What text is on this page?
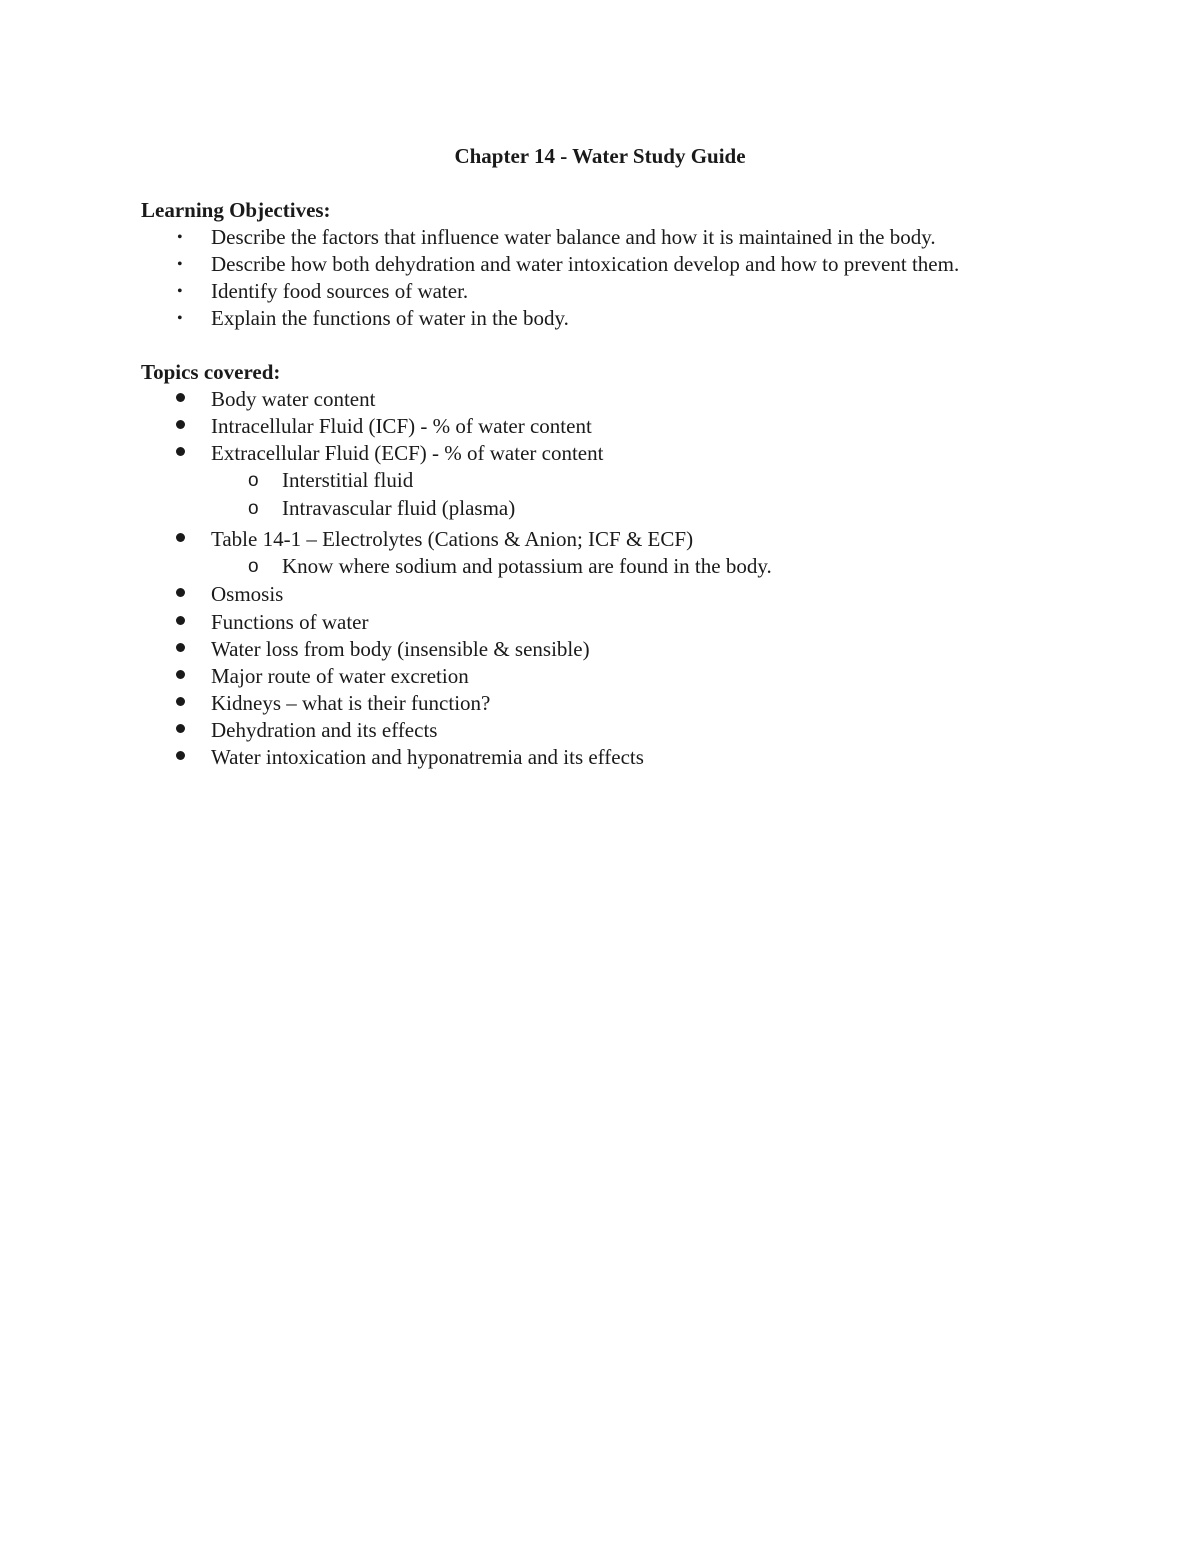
Chapter 14 - Water Study Guide
Learning Objectives:
• Describe the factors that influence water balance and how it is maintained in the body.
• Describe how both dehydration and water intoxication develop and how to prevent them.
• Identify food sources of water.
• Explain the functions of water in the body.
Topics covered:
Body water content
Intracellular Fluid (ICF) - % of water content
Extracellular Fluid (ECF) - % of water content
o Interstitial fluid
o Intravascular fluid (plasma)
Table 14-1 – Electrolytes (Cations & Anion; ICF & ECF)
o Know where sodium and potassium are found in the body.
Osmosis
Functions of water
Water loss from body (insensible & sensible)
Major route of water excretion
Kidneys – what is their function?
Dehydration and its effects
Water intoxication and hyponatremia and its effects
